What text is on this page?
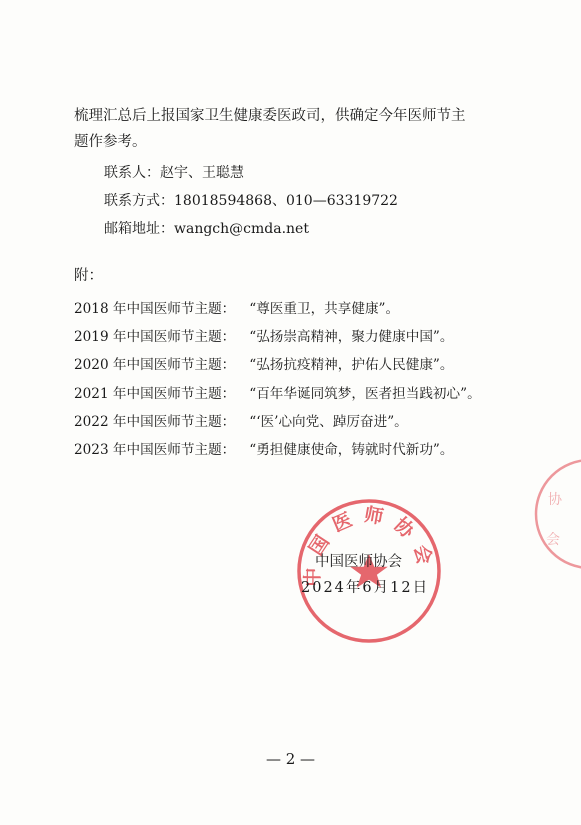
梳理汇总后上报国家卫生健康委医政司，供确定今年医师节主
题作参考。
联系人：赵宇、王聪慧
联系方式：18018594868、010—63319722
邮箱地址：wangch@cmda.net
附：
2018 年中国医师节主题： “尊医重卫，共享健康”。
2019 年中国医师节主题： “弘扬崇高精神，聚力健康中国”。
2020 年中国医师节主题： “弘扬抗疫精神，护佑人民健康”。
2021 年中国医师节主题： “百年华诞同筑梦，医者担当践初心”。
2022 年中国医师节主题： “‘医’心向党、踔厉奋进”。
2023 年中国医师节主题： “勇担健康使命，铸就时代新功”。
协
会
中国医师协会
中国医师协会
2024年6月12日
— 2 —
